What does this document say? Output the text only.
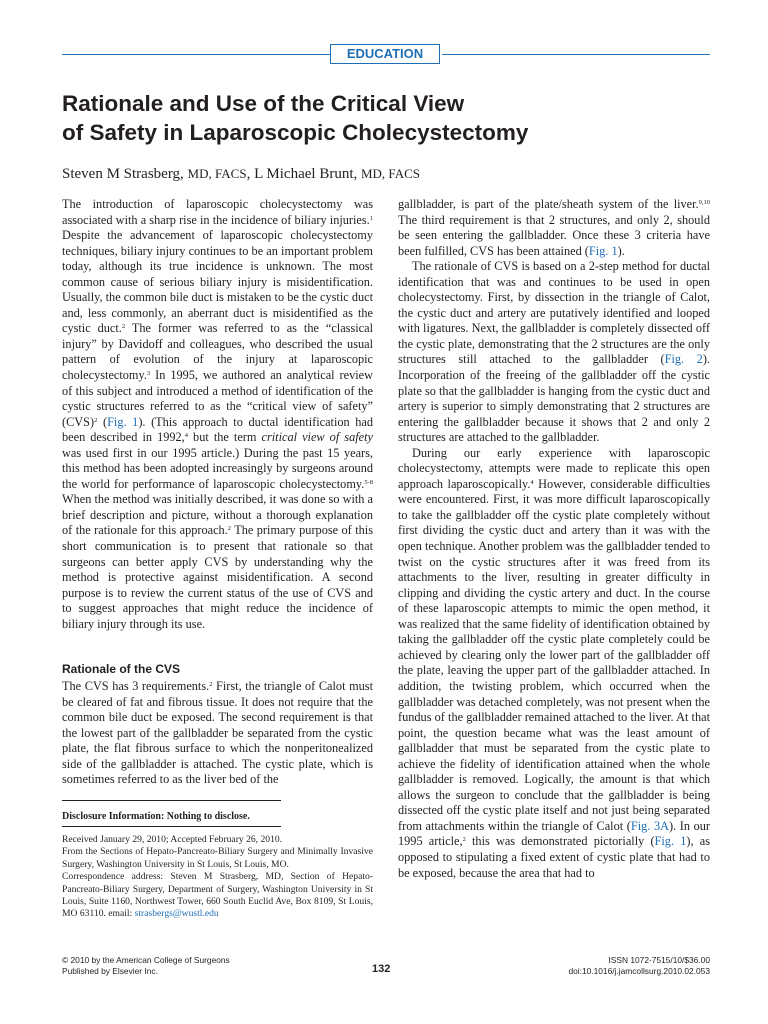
EDUCATION
Rationale and Use of the Critical View
of Safety in Laparoscopic Cholecystectomy
Steven M Strasberg, MD, FACS, L Michael Brunt, MD, FACS

The introduction of laparoscopic cholecystectomy was associated with a sharp rise in the incidence of biliary injuries.$^1$ Despite the advancement of laparoscopic cholecystectomy techniques, biliary injury continues to be an important problem today, although its true incidence is unknown. The most common cause of serious biliary injury is misidentification. Usually, the common bile duct is mistaken to be the cystic duct and, less commonly, an aberrant duct is misidentified as the cystic duct.$^2$ The former was referred to as the “classical injury” by Davidoff and colleagues, who described the usual pattern of evolution of the injury at laparoscopic cholecystectomy.$^3$ In 1995, we authored an analytical review of this subject and introduced a method of identification of the cystic structures referred to as the “critical view of safety” (CVS)$^2$ (Fig. 1). (This approach to ductal identification had been described in 1992,$^4$ but the term critical view of safety was used first in our 1995 article.) During the past 15 years, this method has been adopted increasingly by surgeons around the world for performance of laparoscopic cholecystectomy.$^{5-8}$ When the method was initially described, it was done so with a brief description and picture, without a thorough explanation of the rationale for this approach.$^2$ The primary purpose of this short communication is to present that rationale so that surgeons can better apply CVS by understanding why the method is protective against misidentification. A second purpose is to review the current status of the use of CVS and to suggest approaches that might reduce the incidence of biliary injury through its use.

Rationale of the CVS

The CVS has 3 requirements.$^2$ First, the triangle of Calot must be cleared of fat and fibrous tissue. It does not require that the common bile duct be exposed. The second requirement is that the lowest part of the gallbladder be separated from the cystic plate, the flat fibrous surface to which the nonperitonealized side of the gallbladder is attached. The cystic plate, which is sometimes referred to as the liver bed of the

Disclosure Information: Nothing to disclose.

Received January 29, 2010; Accepted February 26, 2010.

From the Sections of Hepato-Pancreato-Biliary Surgery and Minimally Invasive Surgery, Washington University in St Louis, St Louis, MO.

Correspondence address: Steven M Strasberg, MD, Section of Hepato-Pancreato-Biliary Surgery, Department of Surgery, Washington University in St Louis, Suite 1160, Northwest Tower, 660 South Euclid Ave, Box 8109, St Louis, MO 63110. email: strasbergs@wustl.edu

gallbladder, is part of the plate/sheath system of the liver.$^{9,10}$ The third requirement is that 2 structures, and only 2, should be seen entering the gallbladder. Once these 3 criteria have been fulfilled, CVS has been attained (Fig. 1).

The rationale of CVS is based on a 2-step method for ductal identification that was and continues to be used in open cholecystectomy. First, by dissection in the triangle of Calot, the cystic duct and artery are putatively identified and looped with ligatures. Next, the gallbladder is completely dissected off the cystic plate, demonstrating that the 2 structures are the only structures still attached to the gallbladder (Fig. 2). Incorporation of the freeing of the gallbladder off the cystic plate so that the gallbladder is hanging from the cystic duct and artery is superior to simply demonstrating that 2 structures are entering the gallbladder because it shows that 2 and only 2 structures are attached to the gallbladder.

During our early experience with laparoscopic cholecystectomy, attempts were made to replicate this open approach laparoscopically.$^4$ However, considerable difficulties were encountered. First, it was more difficult laparoscopically to take the gallbladder off the cystic plate completely without first dividing the cystic duct and artery than it was with the open technique. Another problem was the gallbladder tended to twist on the cystic structures after it was freed from its attachments to the liver, resulting in greater difficulty in clipping and dividing the cystic artery and duct. In the course of these laparoscopic attempts to mimic the open method, it was realized that the same fidelity of identification obtained by taking the gallbladder off the cystic plate completely could be achieved by clearing only the lower part of the gallbladder off the plate, leaving the upper part of the gallbladder attached. In addition, the twisting problem, which occurred when the gallbladder was detached completely, was not present when the fundus of the gallbladder remained attached to the liver. At that point, the question became what was the least amount of gallbladder that must be separated from the cystic plate to achieve the fidelity of identification attained when the whole gallbladder is removed. Logically, the amount is that which allows the surgeon to conclude that the gallbladder is being dissected off the cystic plate itself and not just being separated from attachments within the triangle of Calot (Fig. 3A). In our 1995 article,$^2$ this was demonstrated pictorially (Fig. 1), as opposed to stipulating a fixed extent of cystic plate that had to be exposed, because the area that had to

© 2010 by the American College of Surgeons
Published by Elsevier Inc.	132
ISSN 1072-7515/10/$36.00
doi:10.1016/j.jamcollsurg.2010.02.053
